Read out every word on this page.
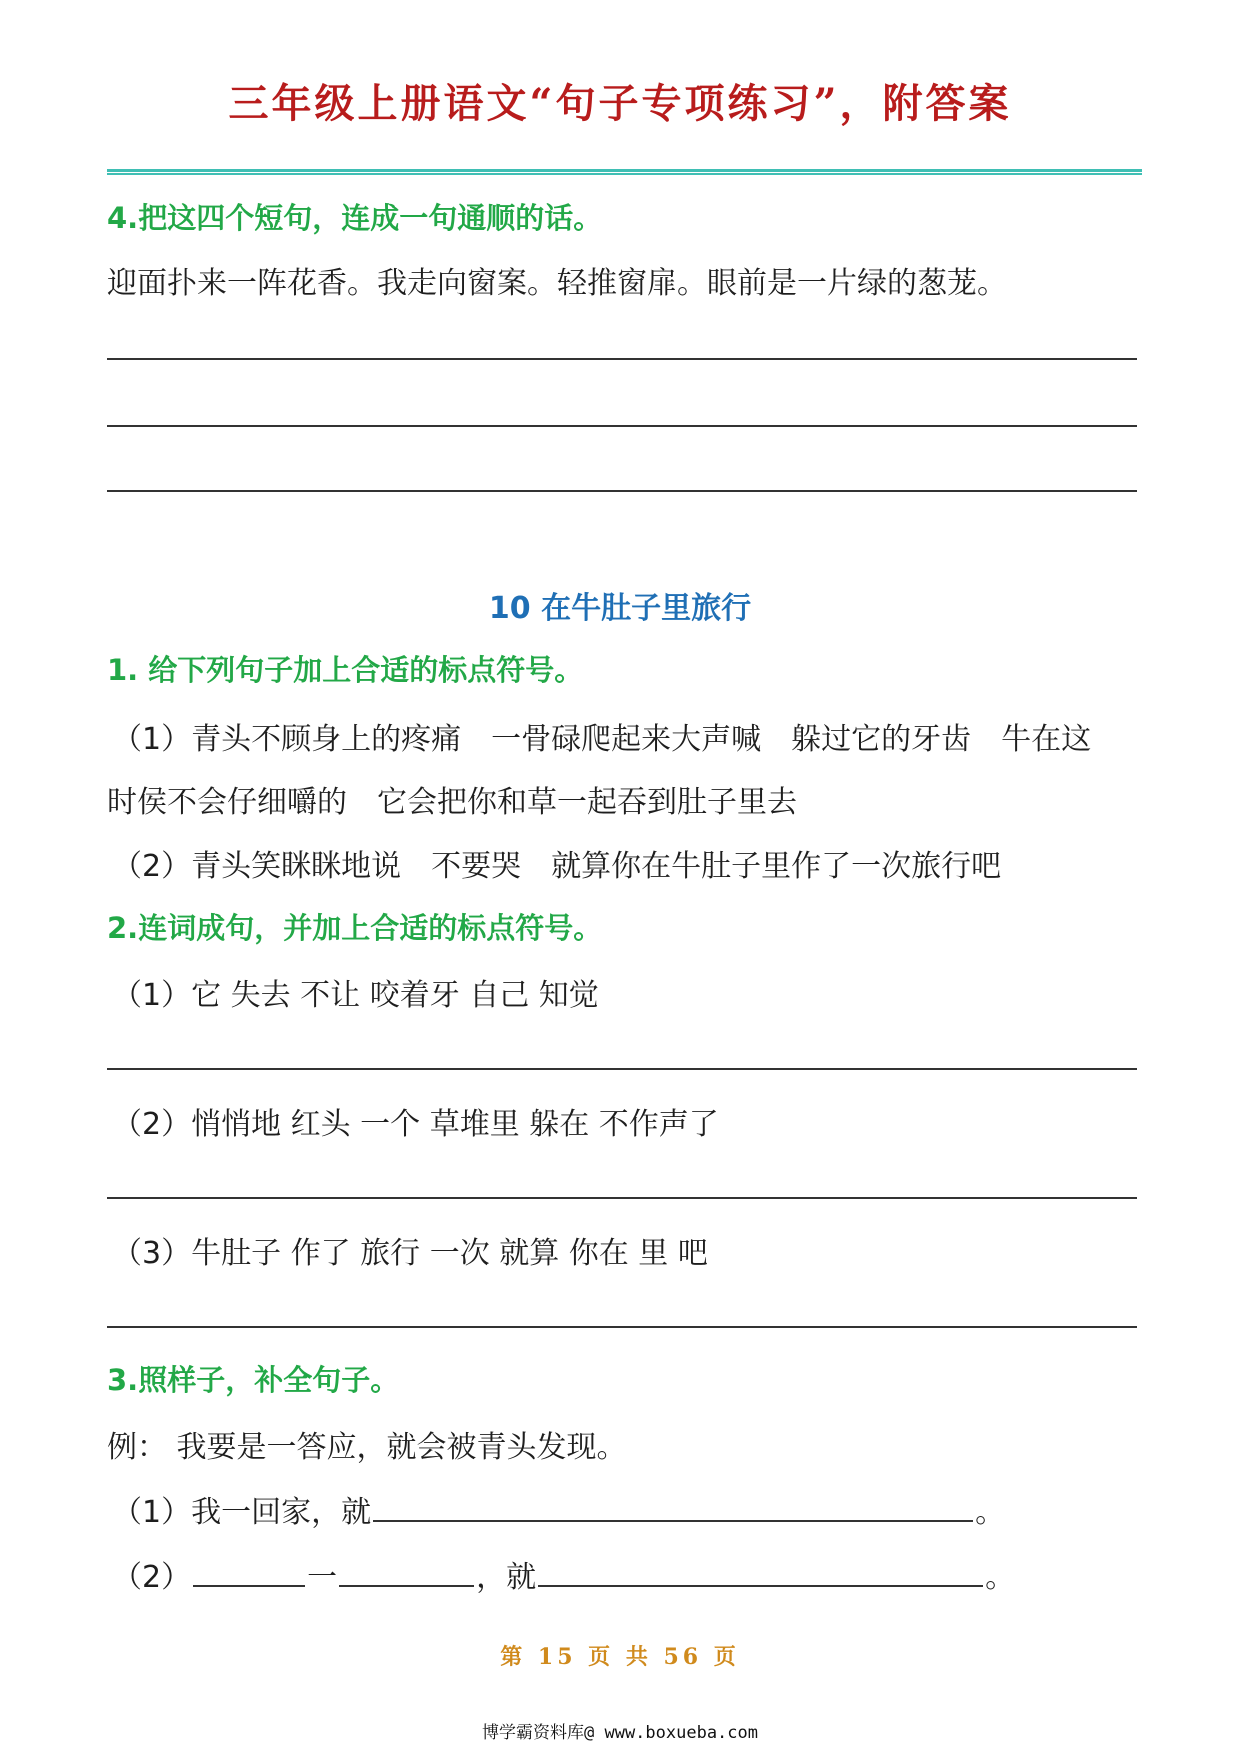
三年级上册语文“句子专项练习”，附答案
4.把这四个短句，连成一句通顺的话。
迎面扑来一阵花香。我走向窗案。轻推窗扉。眼前是一片绿的葱茏。
10 在牛肚子里旅行
1. 给下列句子加上合适的标点符号。
（1）青头不顾身上的疼痛　一骨碌爬起来大声喊　躲过它的牙齿　牛在这
时侯不会仔细嚼的　它会把你和草一起吞到肚子里去
（2）青头笑眯眯地说　不要哭　就算你在牛肚子里作了一次旅行吧
2.连词成句，并加上合适的标点符号。
（1）它 失去 不让 咬着牙 自己 知觉
（2）悄悄地 红头 一个 草堆里 躲在 不作声了
（3）牛肚子 作了 旅行 一次 就算 你在 里 吧
3.照样子，补全句子。
例： 我要是一答应，就会被青头发现。
（1）我一回家，就	。
（2）	一	，就	。
第 15 页 共 56 页
博学霸资料库@ www.boxueba.com
